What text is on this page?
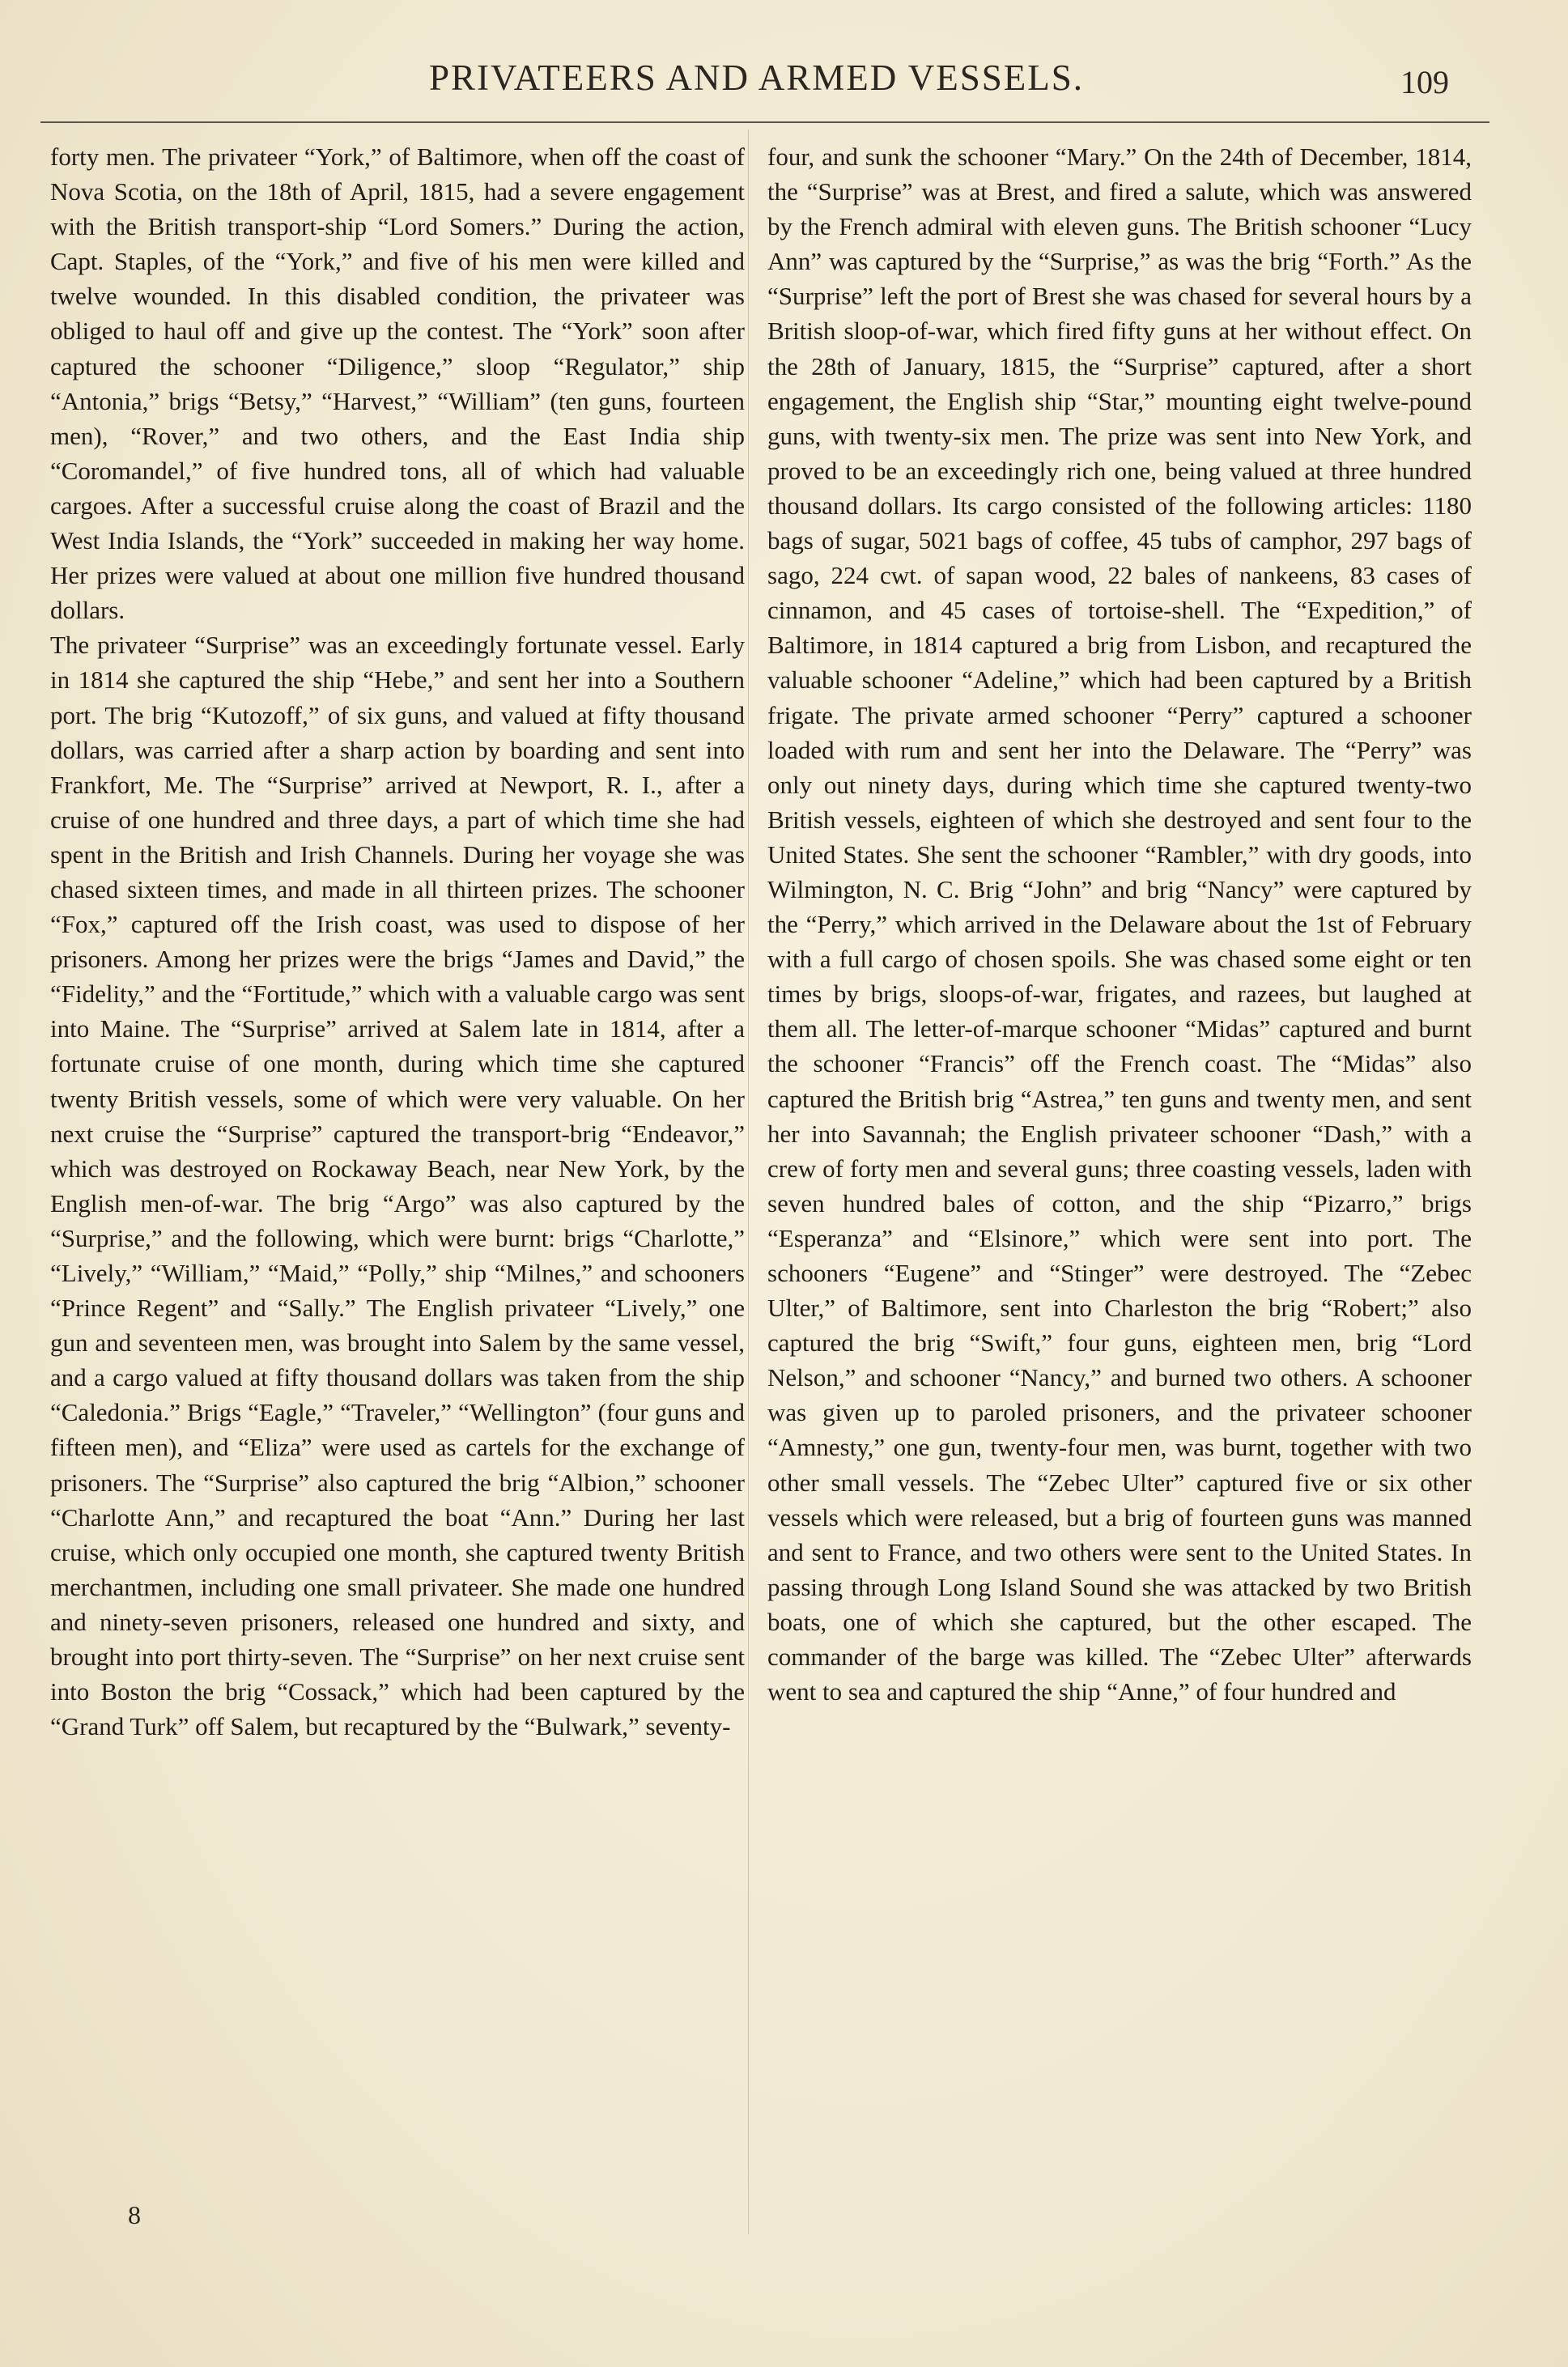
PRIVATEERS AND ARMED VESSELS.	109

forty men. The privateer “York,” of Baltimore, when off the coast of Nova Scotia, on the 18th of April, 1815, had a severe engagement with the British transport-ship “Lord Somers.” During the action, Capt. Staples, of the “York,” and five of his men were killed and twelve wounded. In this disabled condition, the privateer was obliged to haul off and give up the contest. The “York” soon after captured the schooner “Diligence,” sloop “Regulator,” ship “Antonia,” brigs “Betsy,” “Harvest,” “William” (ten guns, fourteen men), “Rover,” and two others, and the East India ship “Coromandel,” of five hundred tons, all of which had valuable cargoes. After a successful cruise along the coast of Brazil and the West India Islands, the “York” succeeded in making her way home. Her prizes were valued at about one million five hundred thousand dollars.

The privateer “Surprise” was an exceedingly fortunate vessel. Early in 1814 she captured the ship “Hebe,” and sent her into a Southern port. The brig “Kutozoff,” of six guns, and valued at fifty thousand dollars, was carried after a sharp action by boarding and sent into Frankfort, Me. The “Surprise” arrived at Newport, R. I., after a cruise of one hundred and three days, a part of which time she had spent in the British and Irish Channels. During her voyage she was chased sixteen times, and made in all thirteen prizes. The schooner “Fox,” captured off the Irish coast, was used to dispose of her prisoners. Among her prizes were the brigs “James and David,” the “Fidelity,” and the “Fortitude,” which with a valuable cargo was sent into Maine. The “Surprise” arrived at Salem late in 1814, after a fortunate cruise of one month, during which time she captured twenty British vessels, some of which were very valuable. On her next cruise the “Surprise” captured the transport-brig “Endeavor,” which was destroyed on Rockaway Beach, near New York, by the English men-of-war. The brig “Argo” was also captured by the “Surprise,” and the following, which were burnt: brigs “Charlotte,” “Lively,” “William,” “Maid,” “Polly,” ship “Milnes,” and schooners “Prince Regent” and “Sally.” The English privateer “Lively,” one gun and seventeen men, was brought into Salem by the same vessel, and a cargo valued at fifty thousand dollars was taken from the ship “Caledonia.” Brigs “Eagle,” “Traveler,” “Wellington” (four guns and fifteen men), and “Eliza” were used as cartels for the exchange of prisoners. The “Surprise” also captured the brig “Albion,” schooner “Charlotte Ann,” and recaptured the boat “Ann.” During her last cruise, which only occupied one month, she captured twenty British merchantmen, including one small privateer. She made one hundred and ninety-seven prisoners, released one hundred and sixty, and brought into port thirty-seven. The “Surprise” on her next cruise sent into Boston the brig “Cossack,” which had been captured by the “Grand Turk” off Salem, but recaptured by the “Bulwark,” seventy-

four, and sunk the schooner “Mary.” On the 24th of December, 1814, the “Surprise” was at Brest, and fired a salute, which was answered by the French admiral with eleven guns. The British schooner “Lucy Ann” was captured by the “Surprise,” as was the brig “Forth.” As the “Surprise” left the port of Brest she was chased for several hours by a British sloop-of-war, which fired fifty guns at her without effect. On the 28th of January, 1815, the “Surprise” captured, after a short engagement, the English ship “Star,” mounting eight twelve-pound guns, with twenty-six men. The prize was sent into New York, and proved to be an exceedingly rich one, being valued at three hundred thousand dollars. Its cargo consisted of the following articles: 1180 bags of sugar, 5021 bags of coffee, 45 tubs of camphor, 297 bags of sago, 224 cwt. of sapan wood, 22 bales of nankeens, 83 cases of cinnamon, and 45 cases of tortoise-shell. The “Expedition,” of Baltimore, in 1814 captured a brig from Lisbon, and recaptured the valuable schooner “Adeline,” which had been captured by a British frigate. The private armed schooner “Perry” captured a schooner loaded with rum and sent her into the Delaware. The “Perry” was only out ninety days, during which time she captured twenty-two British vessels, eighteen of which she destroyed and sent four to the United States. She sent the schooner “Rambler,” with dry goods, into Wilmington, N. C. Brig “John” and brig “Nancy” were captured by the “Perry,” which arrived in the Delaware about the 1st of February with a full cargo of chosen spoils. She was chased some eight or ten times by brigs, sloops-of-war, frigates, and razees, but laughed at them all. The letter-of-marque schooner “Midas” captured and burnt the schooner “Francis” off the French coast. The “Midas” also captured the British brig “Astrea,” ten guns and twenty men, and sent her into Savannah; the English privateer schooner “Dash,” with a crew of forty men and several guns; three coasting vessels, laden with seven hundred bales of cotton, and the ship “Pizarro,” brigs “Esperanza” and “Elsinore,” which were sent into port. The schooners “Eugene” and “Stinger” were destroyed. The “Zebec Ulter,” of Baltimore, sent into Charleston the brig “Robert;” also captured the brig “Swift,” four guns, eighteen men, brig “Lord Nelson,” and schooner “Nancy,” and burned two others. A schooner was given up to paroled prisoners, and the privateer schooner “Amnesty,” one gun, twenty-four men, was burnt, together with two other small vessels. The “Zebec Ulter” captured five or six other vessels which were released, but a brig of fourteen guns was manned and sent to France, and two others were sent to the United States. In passing through Long Island Sound she was attacked by two British boats, one of which she captured, but the other escaped. The commander of the barge was killed. The “Zebec Ulter” afterwards went to sea and captured the ship “Anne,” of four hundred and

8
